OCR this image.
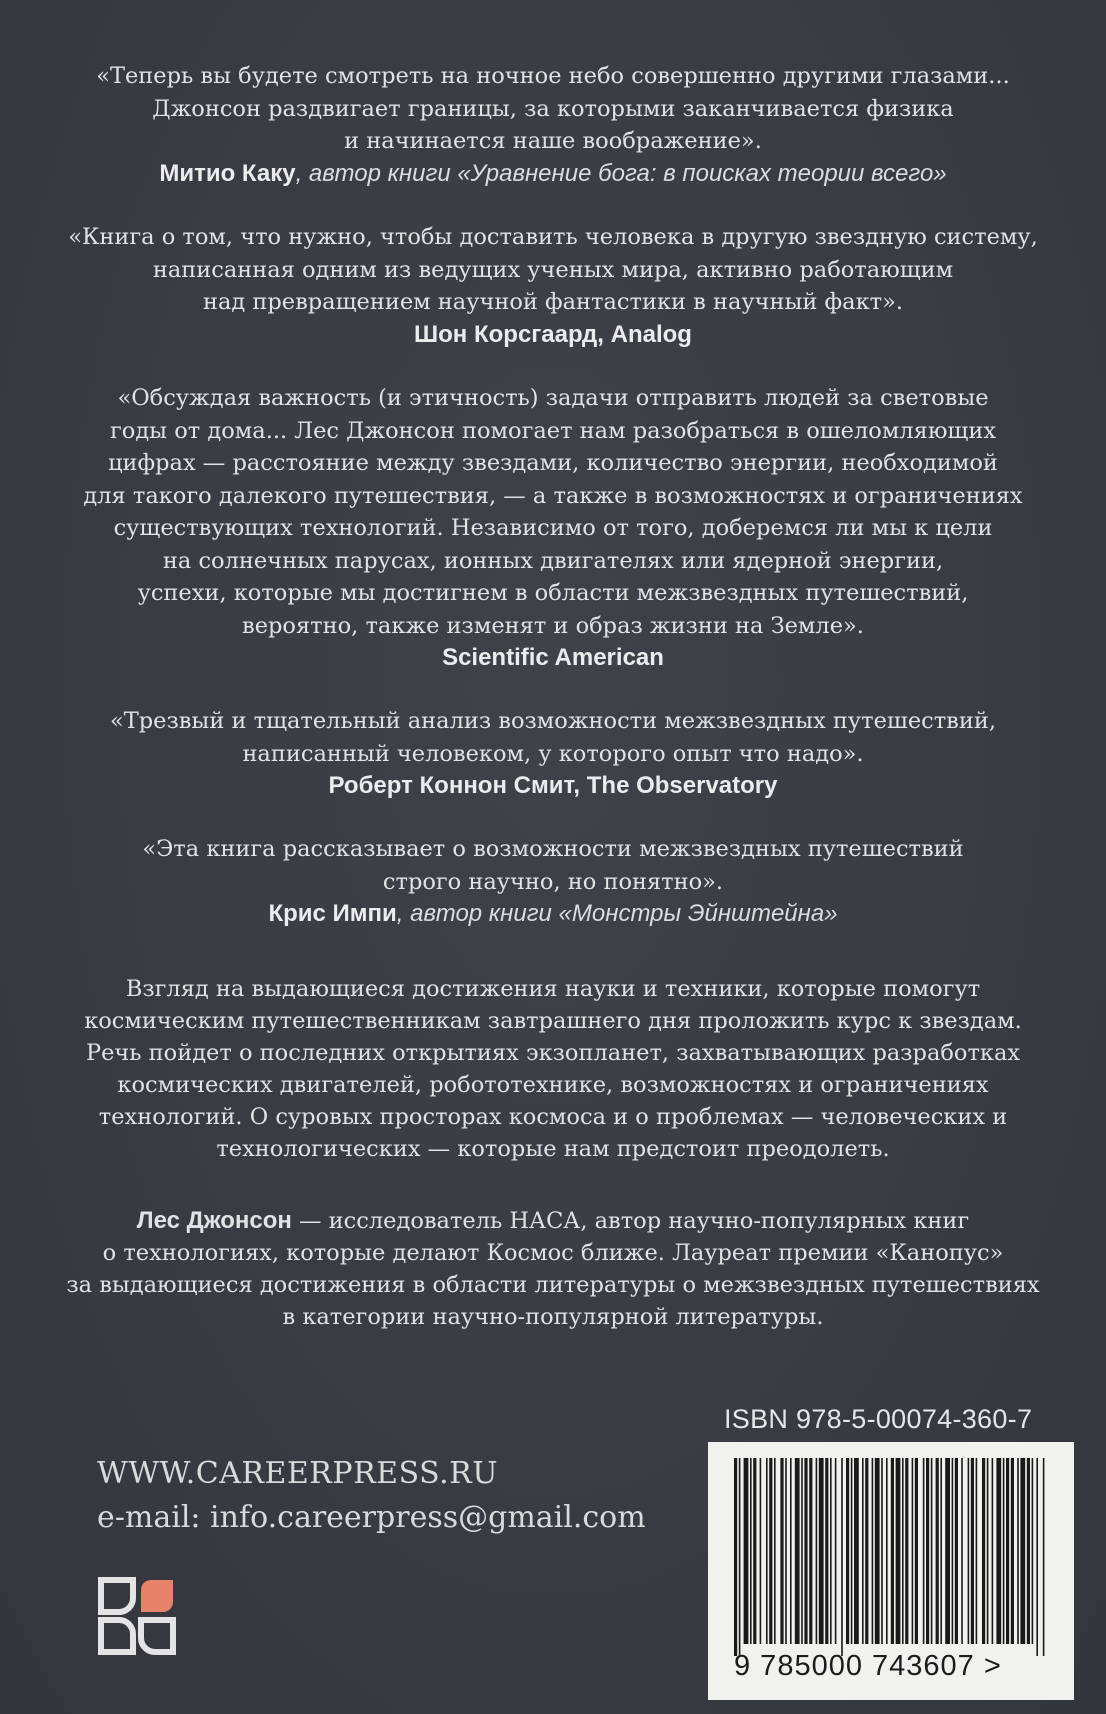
«Теперь вы будете смотреть на ночное небо совершенно другими глазами...
Джонсон раздвигает границы, за которыми заканчивается физика
и начинается наше воображение».
Митио Каку, автор книги «Уравнение бога: в поисках теории всего»
«Книга о том, что нужно, чтобы доставить человека в другую звездную систему,
написанная одним из ведущих ученых мира, активно работающим
над превращением научной фантастики в научный факт».
Шон Корсгаард, Analog
«Обсуждая важность (и этичность) задачи отправить людей за световые
годы от дома... Лес Джонсон помогает нам разобраться в ошеломляющих
цифрах — расстояние между звездами, количество энергии, необходимой
для такого далекого путешествия, — а также в возможностях и ограничениях
существующих технологий. Независимо от того, доберемся ли мы к цели
на солнечных парусах, ионных двигателях или ядерной энергии,
успехи, которые мы достигнем в области межзвездных путешествий,
вероятно, также изменят и образ жизни на Земле».
Scientific American
«Трезвый и тщательный анализ возможности межзвездных путешествий,
написанный человеком, у которого опыт что надо».
Роберт Коннон Смит, The Observatory
«Эта книга рассказывает о возможности межзвездных путешествий
строго научно, но понятно».
Крис Импи, автор книги «Монстры Эйнштейна»
Взгляд на выдающиеся достижения науки и техники, которые помогут
космическим путешественникам завтрашнего дня проложить курс к звездам.
Речь пойдет о последних открытиях экзопланет, захватывающих разработках
космических двигателей, робототехнике, возможностях и ограничениях
технологий. О суровых просторах космоса и о проблемах — человеческих и
технологических — которые нам предстоит преодолеть.
Лес Джонсон — исследователь НАСА, автор научно-популярных книг
о технологиях, которые делают Космос ближе. Лауреат премии «Канопус»
за выдающиеся достижения в области литературы о межзвездных путешествиях
в категории научно-популярной литературы.
ISBN 978-5-00074-360-7
9 785000 743607 >
WWW.CAREERPRESS.RU
e-mail: info.careerpress@gmail.com
